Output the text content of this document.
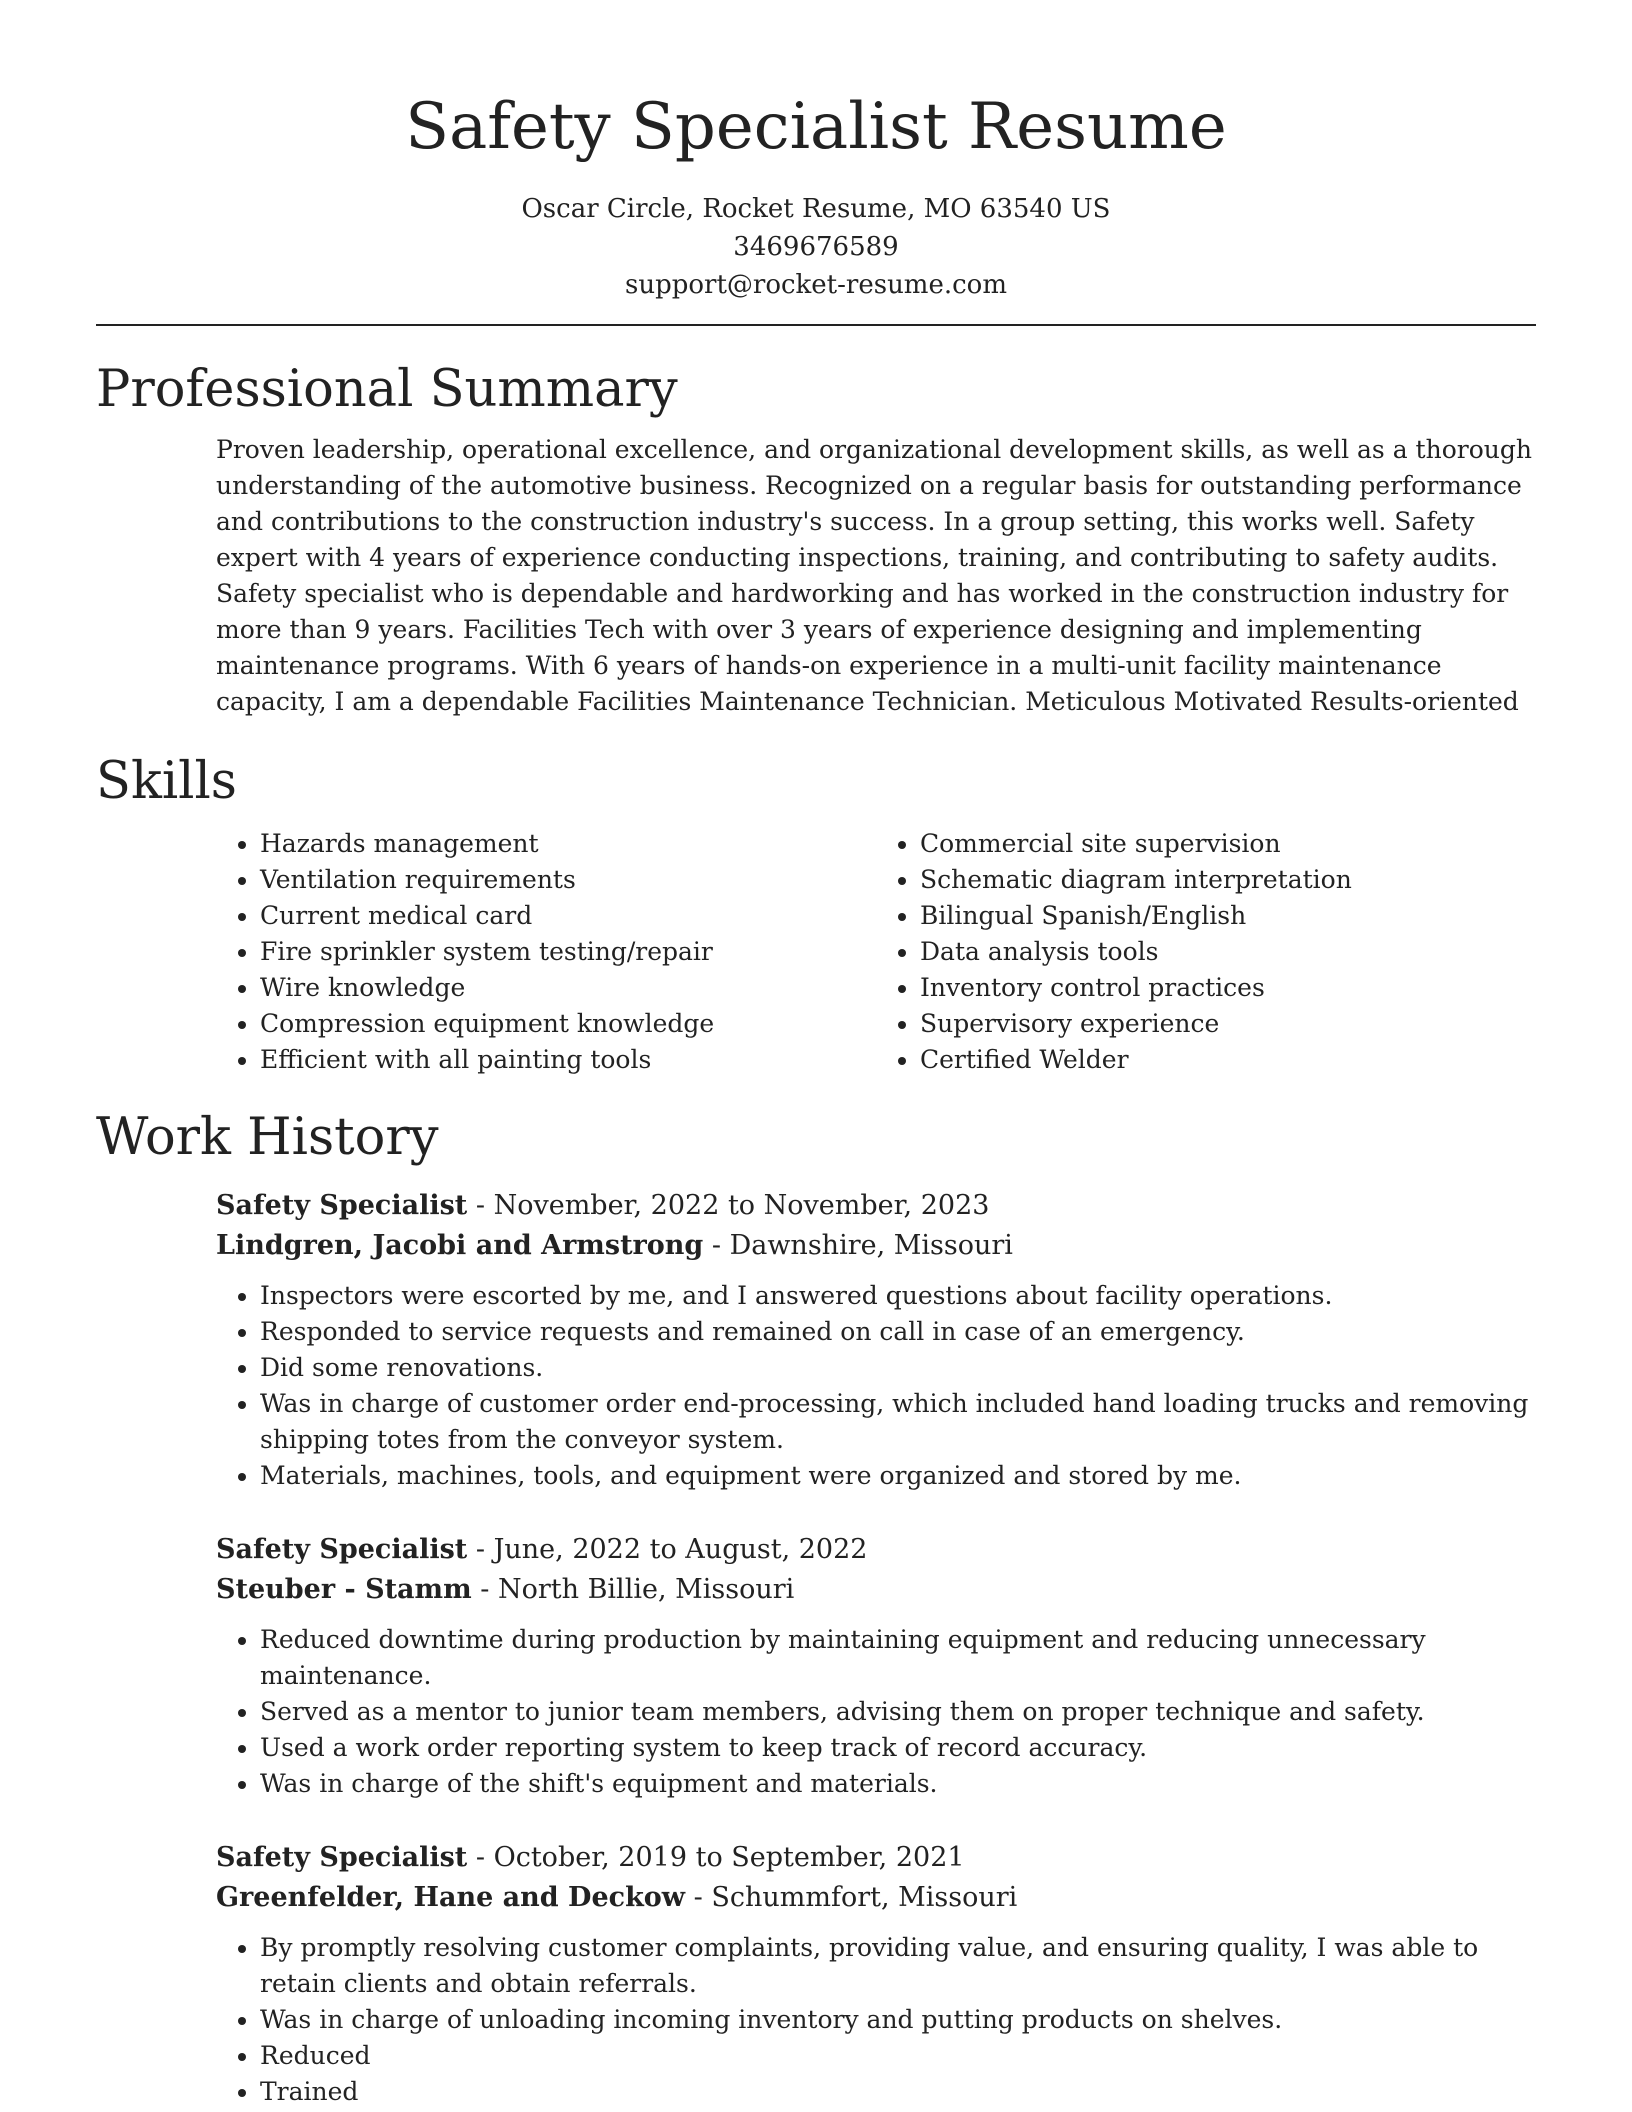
Safety Specialist Resume
Oscar Circle, Rocket Resume, MO 63540 US
3469676589
support@rocket-resume.com
Professional Summary

Proven leadership, operational excellence, and organizational development skills, as well as a thorough understanding of the automotive business. Recognized on a regular basis for outstanding performance and contributions to the construction industry's success. In a group setting, this works well. Safety expert with 4 years of experience conducting inspections, training, and contributing to safety audits. Safety specialist who is dependable and hardworking and has worked in the construction industry for more than 9 years. Facilities Tech with over 3 years of experience designing and implementing maintenance programs. With 6 years of hands-on experience in a multi-unit facility maintenance capacity, I am a dependable Facilities Maintenance Technician. Meticulous Motivated Results-oriented

Skills
• Hazards management
• Ventilation requirements
• Current medical card
• Fire sprinkler system testing/repair
• Wire knowledge
• Compression equipment knowledge
• Efficient with all painting tools
• Commercial site supervision
• Schematic diagram interpretation
• Bilingual Spanish/English
• Data analysis tools
• Inventory control practices
• Supervisory experience
• Certified Welder
Work History
Safety Specialist - November, 2022 to November, 2023
Lindgren, Jacobi and Armstrong - Dawnshire, Missouri
• Inspectors were escorted by me, and I answered questions about facility operations.
• Responded to service requests and remained on call in case of an emergency.
• Did some renovations.
• Was in charge of customer order end-processing, which included hand loading trucks and removing shipping totes from the conveyor system.
• Materials, machines, tools, and equipment were organized and stored by me.
Safety Specialist - June, 2022 to August, 2022
Steuber - Stamm - North Billie, Missouri
• Reduced downtime during production by maintaining equipment and reducing unnecessary maintenance.
• Served as a mentor to junior team members, advising them on proper technique and safety.
• Used a work order reporting system to keep track of record accuracy.
• Was in charge of the shift's equipment and materials.
Safety Specialist - October, 2019 to September, 2021
Greenfelder, Hane and Deckow - Schummfort, Missouri
• By promptly resolving customer complaints, providing value, and ensuring quality, I was able to retain clients and obtain referrals.
• Was in charge of unloading incoming inventory and putting products on shelves.
• Reduced
• Trained
